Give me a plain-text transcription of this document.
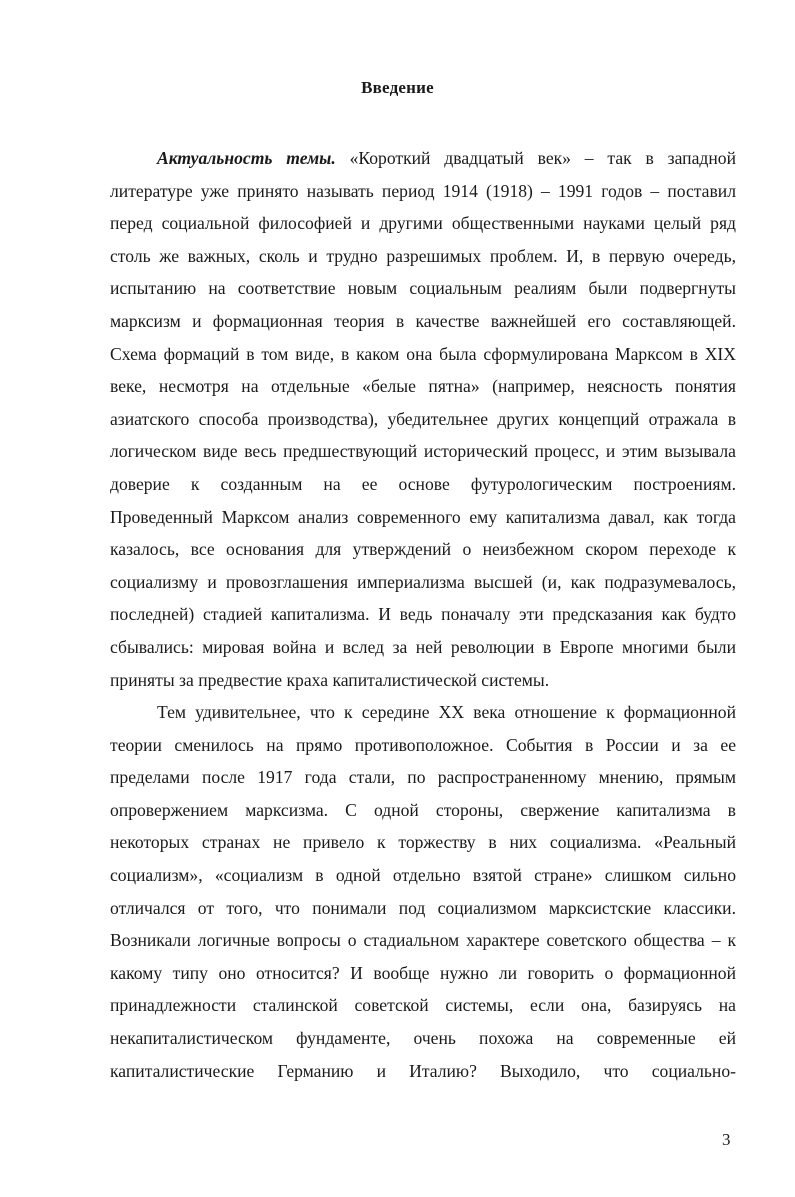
Введение
Актуальность темы. «Короткий двадцатый век» – так в западной
литературе уже принято называть период 1914 (1918) – 1991 годов – поставил
перед социальной философией и другими общественными науками целый ряд
столь же важных, сколь и трудно разрешимых проблем. И, в первую очередь,
испытанию на соответствие новым социальным реалиям были подвергнуты
марксизм и формационная теория в качестве важнейшей его составляющей.
Схема формаций в том виде, в каком она была сформулирована Марксом в XIX
веке, несмотря на отдельные «белые пятна» (например, неясность понятия
азиатского способа производства), убедительнее других концепций отражала в
логическом виде весь предшествующий исторический процесс, и этим вызывала
доверие к созданным на ее основе футурологическим построениям.
Проведенный Марксом анализ современного ему капитализма давал, как тогда
казалось, все основания для утверждений о неизбежном скором переходе к
социализму и провозглашения империализма высшей (и, как подразумевалось,
последней) стадией капитализма. И ведь поначалу эти предсказания как будто
сбывались: мировая война и вслед за ней революции в Европе многими были
приняты за предвестие краха капиталистической системы.
Тем удивительнее, что к середине XX века отношение к формационной
теории сменилось на прямо противоположное. События в России и за ее
пределами после 1917 года стали, по распространенному мнению, прямым
опровержением марксизма. С одной стороны, свержение капитализма в
некоторых странах не привело к торжеству в них социализма. «Реальный
социализм», «социализм в одной отдельно взятой стране» слишком сильно
отличался от того, что понимали под социализмом марксистские классики.
Возникали логичные вопросы о стадиальном характере советского общества – к
какому типу оно относится? И вообще нужно ли говорить о формационной
принадлежности сталинской советской системы, если она, базируясь на
некапиталистическом фундаменте, очень похожа на современные ей
капиталистические Германию и Италию? Выходило, что социально-
3
